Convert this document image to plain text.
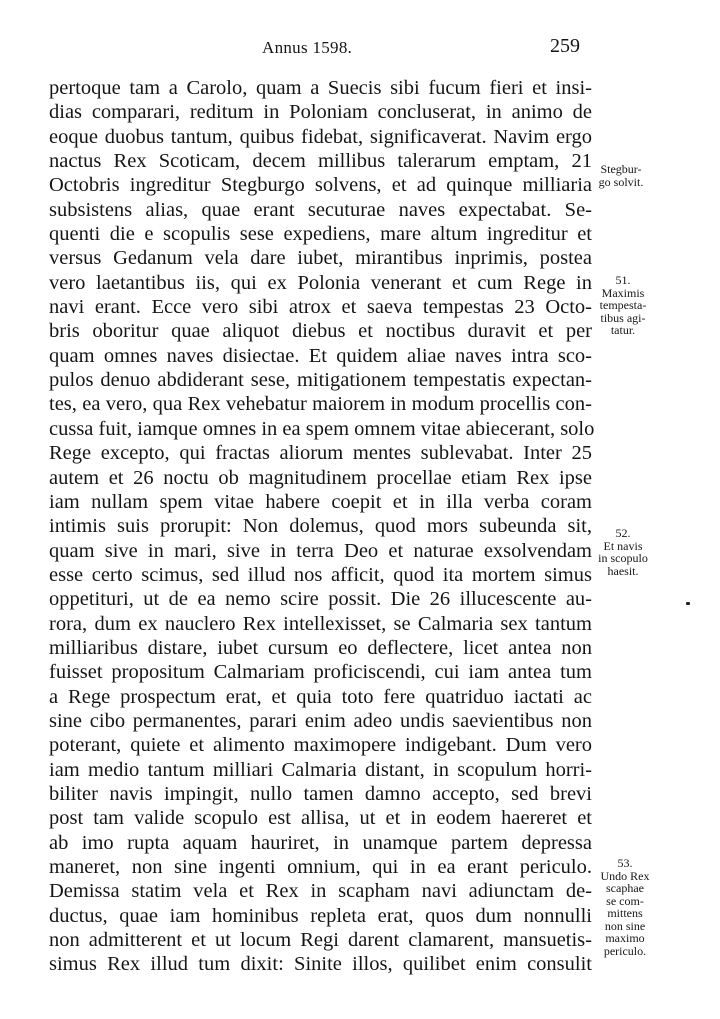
Annus 1598.	259
pertoque tam a Carolo, quam a Suecis sibi fucum fieri et insi-
dias comparari, reditum in Poloniam concluserat, in animo de
eoque duobus tantum, quibus fidebat, significaverat. Navim ergo
nactus Rex Scoticam, decem millibus talerarum emptam, 21
Octobris ingreditur Stegburgo solvens, et ad quinque milliaria
subsistens alias, quae erant secuturae naves expectabat. Se-
quenti die e scopulis sese expediens, mare altum ingreditur et
versus Gedanum vela dare iubet, mirantibus inprimis, postea
vero laetantibus iis, qui ex Polonia venerant et cum Rege in
navi erant. Ecce vero sibi atrox et saeva tempestas 23 Octo-
bris oboritur quae aliquot diebus et noctibus duravit et per
quam omnes naves disiectae. Et quidem aliae naves intra sco-
pulos denuo abdiderant sese, mitigationem tempestatis expectan-
tes, ea vero, qua Rex vehebatur maiorem in modum procellis con-
cussa fuit, iamque omnes in ea spem omnem vitae abiecerant, solo
Rege excepto, qui fractas aliorum mentes sublevabat. Inter 25
autem et 26 noctu ob magnitudinem procellae etiam Rex ipse
iam nullam spem vitae habere coepit et in illa verba coram
intimis suis prorupit: Non dolemus, quod mors subeunda sit,
quam sive in mari, sive in terra Deo et naturae exsolvendam
esse certo scimus, sed illud nos afficit, quod ita mortem simus
oppetituri, ut de ea nemo scire possit. Die 26 illucescente au-
rora, dum ex nauclero Rex intellexisset, se Calmaria sex tantum
milliaribus distare, iubet cursum eo deflectere, licet antea non
fuisset propositum Calmariam proficiscendi, cui iam antea tum
a Rege prospectum erat, et quia toto fere quatriduo iactati ac
sine cibo permanentes, parari enim adeo undis saevientibus non
poterant, quiete et alimento maximopere indigebant. Dum vero
iam medio tantum milliari Calmaria distant, in scopulum horri-
biliter navis impingit, nullo tamen damno accepto, sed brevi
post tam valide scopulo est allisa, ut et in eodem haereret et
ab imo rupta aquam hauriret, in unamque partem depressa
maneret, non sine ingenti omnium, qui in ea erant periculo.
Demissa statim vela et Rex in scapham navi adiunctam de-
ductus, quae iam hominibus repleta erat, quos dum nonnulli
non admitterent et ut locum Regi darent clamarent, mansuetis-
simus Rex illud tum dixit: Sinite illos, quilibet enim consulit
Stegbur-
go solvit.
51.
Maximis
tempesta-
tibus agi-
tatur.
52.
Et navis
in scopulo
haesit.
53.
Undo Rex
scaphae
se com-
mittens
non sine
maximo
periculo.
